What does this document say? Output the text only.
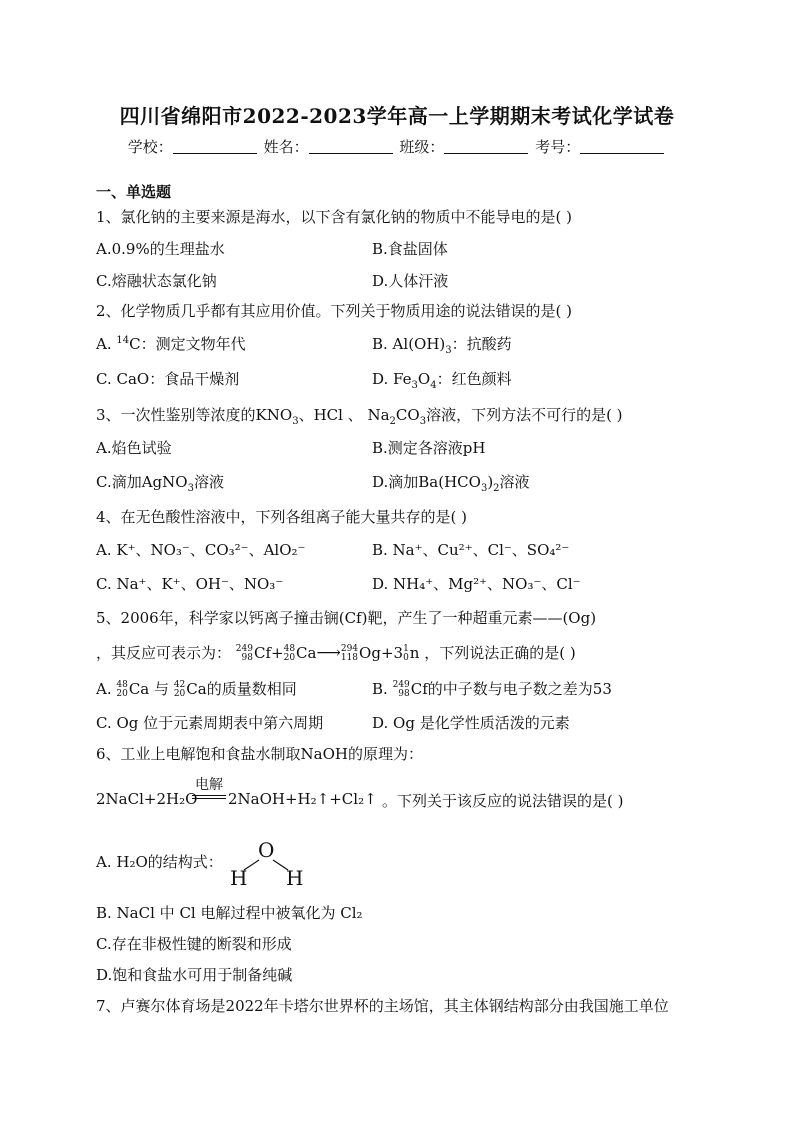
四川省绵阳市2022-2023学年高一上学期期末考试化学试卷
学校：	姓名：	班级：	考号：
一、单选题
1、氯化钠的主要来源是海水，以下含有氯化钠的物质中不能导电的是( )
A.0.9%的生理盐水	B.食盐固体
C.熔融状态氯化钠	D.人体汗液
2、化学物质几乎都有其应用价值。下列关于物质用途的说法错误的是( )
A. $^{14}$C：测定文物年代	B. $Al(OH)_3$：抗酸药
C. CaO：食品干燥剂	D. $Fe_3O_4$：红色颜料
3、一次性鉴别等浓度的$KNO_3$、HCl 、 $Na_2CO_3$溶液，下列方法不可行的是( )
A.焰色试验	B.测定各溶液pH
C.滴加AgNO$_3$溶液	D.滴加$Ba(HCO_3)_2$溶液
4、在无色酸性溶液中，下列各组离子能大量共存的是( )
A. K⁺、NO₃⁻、CO₃²⁻、AlO₂⁻	B. Na⁺、Cu²⁺、Cl⁻、SO₄²⁻
C. Na⁺、K⁺、OH⁻、NO₃⁻	D. NH₄⁺、Mg²⁺、NO₃⁻、Cl⁻
5、2006年，科学家以钙离子撞击锎(Cf)靶，产生了一种超重元素——(Og)
，其反应可表示为： 249
98 Cf+ 48
20 Ca⟶ 294
118 Og+3 1
0 n ，下列说法正确的是( )
A. 48
20 Ca 与 42
20 Ca的质量数相同	B. 249
98 Cf的中子数与电子数之差为53
C. Og 位于元素周期表中第六周期	D. Og 是化学性质活泼的元素
6、工业上电解饱和食盐水制取NaOH的原理为：
2NaCl+2H₂O
电解
2NaOH+H₂↑+Cl₂↑ 。下列关于该反应的说法错误的是( )
A. H₂O的结构式： O
H H
B. NaCl 中 Cl 电解过程中被氧化为 Cl₂
C.存在非极性键的断裂和形成
D.饱和食盐水可用于制备纯碱
7、卢赛尔体育场是2022年卡塔尔世界杯的主场馆，其主体钢结构部分由我国施工单位
